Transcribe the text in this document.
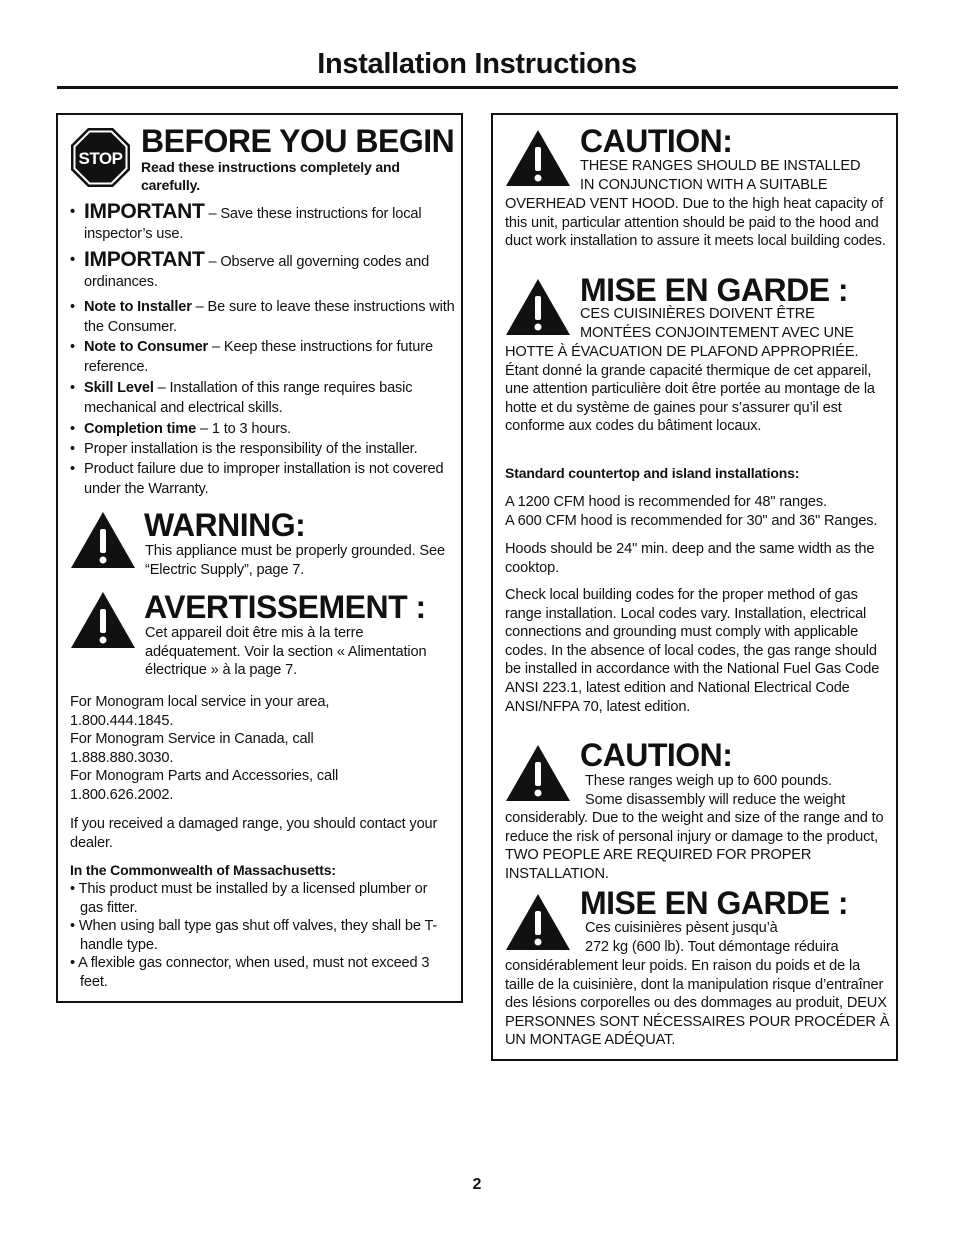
Installation Instructions
STOP BEFORE YOU BEGIN
Read these instructions completely and carefully.
• IMPORTANT – Save these instructions for local inspector’s use.
• IMPORTANT – Observe all governing codes and ordinances.
• Note to Installer – Be sure to leave these instructions with the Consumer.
• Note to Consumer – Keep these instructions for future reference.
• Skill Level – Installation of this range requires basic mechanical and electrical skills.
• Completion time – 1 to 3 hours.
• Proper installation is the responsibility of the installer.
• Product failure due to improper installation is not covered under the Warranty.
WARNING:
This appliance must be properly grounded. See “Electric Supply”, page 7.
AVERTISSEMENT :
Cet appareil doit être mis à la terre adéquatement. Voir la section « Alimentation électrique » à la page 7.
For Monogram local service in your area,
1.800.444.1845.
For Monogram Service in Canada, call
1.888.880.3030.
For Monogram Parts and Accessories, call
1.800.626.2002.
If you received a damaged range, you should contact your dealer.
In the Commonwealth of Massachusetts:
• This product must be installed by a licensed plumber or gas fitter.
• When using ball type gas shut off valves, they shall be T-handle type.
• A flexible gas connector, when used, must not exceed 3 feet.
CAUTION:
THESE RANGES SHOULD BE INSTALLED
IN CONJUNCTION WITH A SUITABLE
OVERHEAD VENT HOOD. Due to the high heat capacity of this unit, particular attention should be paid to the hood and duct work installation to assure it meets local building codes.
MISE EN GARDE :
CES CUISINIÈRES DOIVENT ÊTRE
MONTÉES CONJOINTEMENT AVEC UNE
HOTTE À ÉVACUATION DE PLAFOND APPROPRIÉE. Étant donné la grande capacité thermique de cet appareil, une attention particulière doit être portée au montage de la hotte et du système de gaines pour s’assurer qu’il est conforme aux codes du bâtiment locaux.
Standard countertop and island installations:
A 1200 CFM hood is recommended for 48" ranges.
A 600 CFM hood is recommended for 30" and 36" Ranges.
Hoods should be 24" min. deep and the same width as the cooktop.
Check local building codes for the proper method of gas range installation. Local codes vary. Installation, electrical connections and grounding must comply with applicable codes. In the absence of local codes, the gas range should be installed in accordance with the National Fuel Gas Code ANSI 223.1, latest edition and National Electrical Code ANSI/NFPA 70, latest edition.
CAUTION:
These ranges weigh up to 600 pounds.
Some disassembly will reduce the weight
considerably. Due to the weight and size of the range and to reduce the risk of personal injury or damage to the product, TWO PEOPLE ARE REQUIRED FOR PROPER INSTALLATION.
MISE EN GARDE :
Ces cuisinières pèsent jusqu’à
272 kg (600 lb). Tout démontage réduira
considérablement leur poids. En raison du poids et de la taille de la cuisinière, dont la manipulation risque d’entraîner des lésions corporelles ou des dommages au produit, DEUX PERSONNES SONT NÉCESSAIRES POUR PROCÉDER À UN MONTAGE ADÉQUAT.
2
